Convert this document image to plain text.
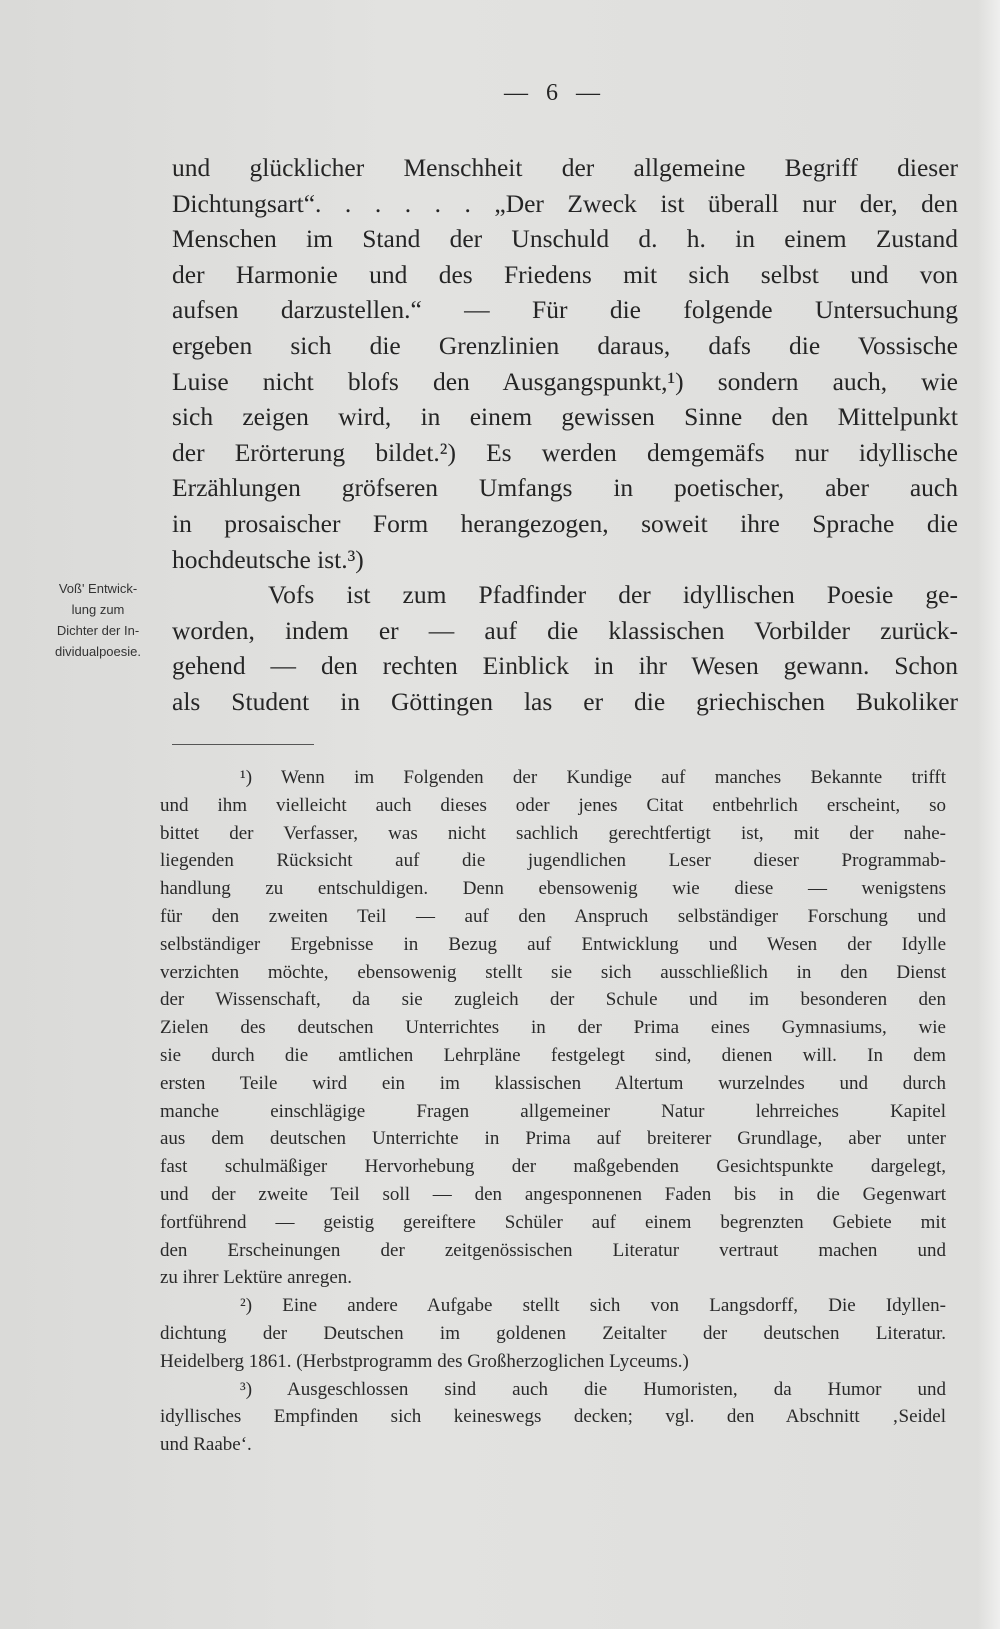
— 6 —
Voß' Entwick-
lung zum
Dichter der In-
dividualpoesie.
und glücklicher Menschheit der allgemeine Begriff dieser
Dichtungsart“. . . . . . „Der Zweck ist überall nur der, den
Menschen im Stand der Unschuld d. h. in einem Zustand
der Harmonie und des Friedens mit sich selbst und von
aufsen darzustellen.“ — Für die folgende Untersuchung
ergeben sich die Grenzlinien daraus, dafs die Vossische
Luise nicht blofs den Ausgangspunkt,¹) sondern auch, wie
sich zeigen wird, in einem gewissen Sinne den Mittelpunkt
der Erörterung bildet.²) Es werden demgemäfs nur idyllische
Erzählungen gröfseren Umfangs in poetischer, aber auch
in prosaischer Form herangezogen, soweit ihre Sprache die
hochdeutsche ist.³)
Vofs ist zum Pfadfinder der idyllischen Poesie ge-
worden, indem er — auf die klassischen Vorbilder zurück-
gehend — den rechten Einblick in ihr Wesen gewann. Schon
als Student in Göttingen las er die griechischen Bukoliker
¹) Wenn im Folgenden der Kundige auf manches Bekannte trifft
und ihm vielleicht auch dieses oder jenes Citat entbehrlich erscheint, so
bittet der Verfasser, was nicht sachlich gerechtfertigt ist, mit der nahe-
liegenden Rücksicht auf die jugendlichen Leser dieser Programmab-
handlung zu entschuldigen. Denn ebensowenig wie diese — wenigstens
für den zweiten Teil — auf den Anspruch selbständiger Forschung und
selbständiger Ergebnisse in Bezug auf Entwicklung und Wesen der Idylle
verzichten möchte, ebensowenig stellt sie sich ausschließlich in den Dienst
der Wissenschaft, da sie zugleich der Schule und im besonderen den
Zielen des deutschen Unterrichtes in der Prima eines Gymnasiums, wie
sie durch die amtlichen Lehrpläne festgelegt sind, dienen will. In dem
ersten Teile wird ein im klassischen Altertum wurzelndes und durch
manche einschlägige Fragen allgemeiner Natur lehrreiches Kapitel
aus dem deutschen Unterrichte in Prima auf breiterer Grundlage, aber unter
fast schulmäßiger Hervorhebung der maßgebenden Gesichtspunkte dargelegt,
und der zweite Teil soll — den angesponnenen Faden bis in die Gegenwart
fortführend — geistig gereiftere Schüler auf einem begrenzten Gebiete mit
den Erscheinungen der zeitgenössischen Literatur vertraut machen und
zu ihrer Lektüre anregen.
²) Eine andere Aufgabe stellt sich von Langsdorff, Die Idyllen-
dichtung der Deutschen im goldenen Zeitalter der deutschen Literatur.
Heidelberg 1861. (Herbstprogramm des Großherzoglichen Lyceums.)
³) Ausgeschlossen sind auch die Humoristen, da Humor und
idyllisches Empfinden sich keineswegs decken; vgl. den Abschnitt ‚Seidel
und Raabe‘.
